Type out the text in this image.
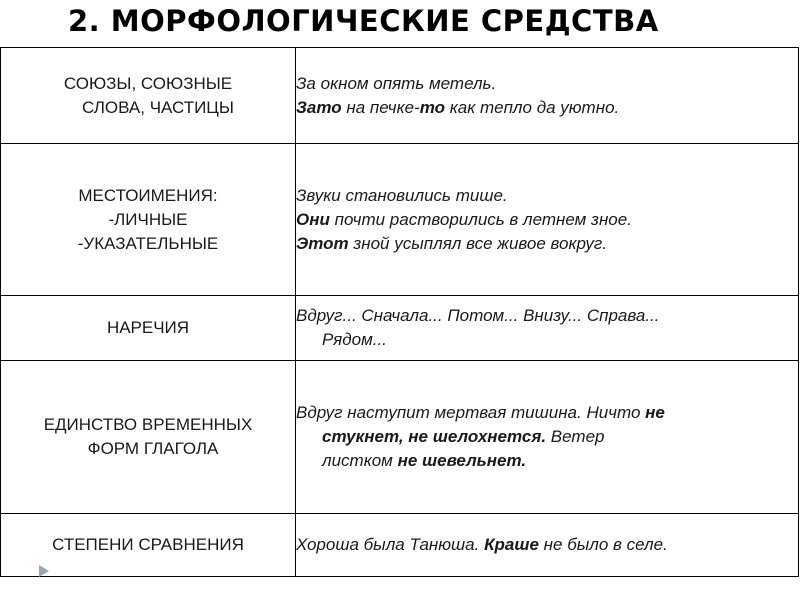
2. МОРФОЛОГИЧЕСКИЕ СРЕДСТВА
СОЮЗЫ, СОЮЗНЫЕ
СЛОВА, ЧАСТИЦЫ	За окном опять метель.
Зато на печке-то как тепло да уютно.

МЕСТОИМЕНИЯ:
-ЛИЧНЫЕ
-УКАЗАТЕЛЬНЫЕ	Звуки становились тише.
Они почти растворились в летнем зное.
Этот зной усыплял все живое вокруг.

НАРЕЧИЯ	Вдруг... Сначала... Потом... Внизу... Справа...
Рядом...

ЕДИНСТВО ВРЕМЕННЫХ
ФОРМ ГЛАГОЛА	Вдруг наступит мертвая тишина. Ничто не
стукнет, не шелохнется. Ветер
листком не шевельнет.

СТЕПЕНИ СРАВНЕНИЯ	Хороша была Танюша. Краше не было в селе.
